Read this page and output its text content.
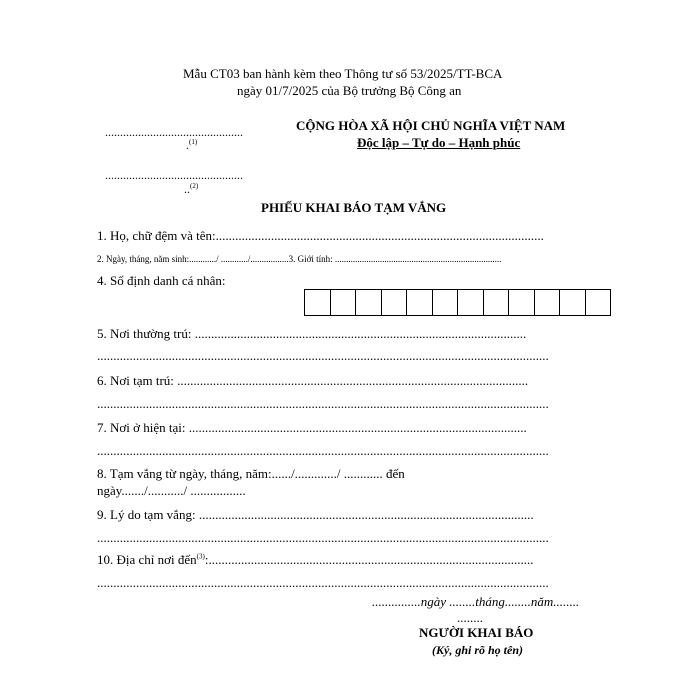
Mẫu CT03 ban hành kèm theo Thông tư số 53/2025/TT-BCA
ngày 01/7/2025 của Bộ trưởng Bộ Công an
..............................................
.$^{(1)}$
..............................................
..$^{(2)}$
CỘNG HÒA XÃ HỘI CHỦ NGHĨA VIỆT NAM
Độc lập – Tự do – Hạnh phúc
PHIẾU KHAI BÁO TẠM VẮNG
1. Họ, chữ đệm và tên:.....................................................................................................
2. Ngày, tháng, năm sinh:............/ ............/.................3. Giới tính: ..........................................................................
4. Số định danh cá nhân:
5. Nơi thường trú: ......................................................................................................
...........................................................................................................................................
6. Nơi tạm trú: ............................................................................................................
...........................................................................................................................................
7. Nơi ở hiện tại: ........................................................................................................
...........................................................................................................................................
8. Tạm vắng từ ngày, tháng, năm:....../............./ ............ đến
ngày......./.........../ .................
9. Lý do tạm vắng: .......................................................................................................
...........................................................................................................................................
10. Địa chỉ nơi đến$^{(3)}$:....................................................................................................
...........................................................................................................................................
...............ngày ........tháng........năm........
........
NGƯỜI KHAI BÁO
(Ký, ghi rõ họ tên)
